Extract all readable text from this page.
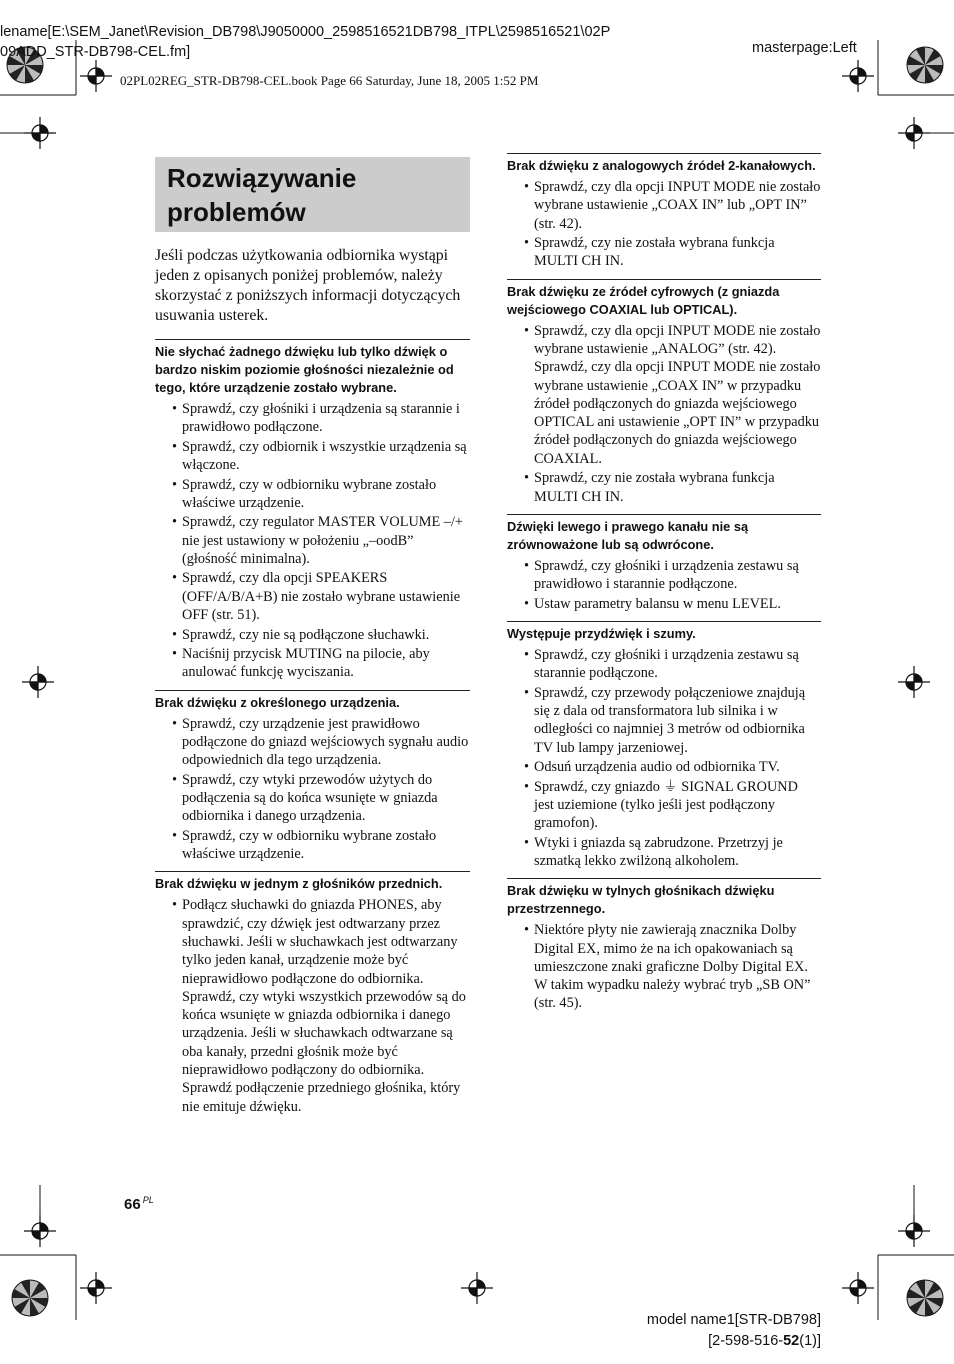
lename[E:\SEM_Janet\Revision_DB798\J9050000_2598516521DB798_ITPL\2598516521\02P
09ADD_STR-DB798-CEL.fm]	masterpage:Left
02PL02REG_STR-DB798-CEL.book Page 66 Saturday, June 18, 2005 1:52 PM
Rozwiązywanie problemów

Jeśli podczas użytkowania odbiornika wystąpi jeden z opisanych poniżej problemów, należy skorzystać z poniższych informacji dotyczących usuwania usterek.

Nie słychać żadnego dźwięku lub tylko dźwięk o bardzo niskim poziomie głośności niezależnie od tego, które urządzenie zostało wybrane.
• Sprawdź, czy głośniki i urządzenia są starannie i prawidłowo podłączone.
• Sprawdź, czy odbiornik i wszystkie urządzenia są włączone.
• Sprawdź, czy w odbiorniku wybrane zostało właściwe urządzenie.
• Sprawdź, czy regulator MASTER VOLUME –/+ nie jest ustawiony w położeniu „–oodB” (głośność minimalna).
• Sprawdź, czy dla opcji SPEAKERS (OFF/A/B/A+B) nie zostało wybrane ustawienie OFF (str. 51).
• Sprawdź, czy nie są podłączone słuchawki.
• Naciśnij przycisk MUTING na pilocie, aby anulować funkcję wyciszania.
Brak dźwięku z określonego urządzenia.
• Sprawdź, czy urządzenie jest prawidłowo podłączone do gniazd wejściowych sygnału audio odpowiednich dla tego urządzenia.
• Sprawdź, czy wtyki przewodów użytych do podłączenia są do końca wsunięte w gniazda odbiornika i danego urządzenia.
• Sprawdź, czy w odbiorniku wybrane zostało właściwe urządzenie.
Brak dźwięku w jednym z głośników przednich.
• Podłącz słuchawki do gniazda PHONES, aby sprawdzić, czy dźwięk jest odtwarzany przez słuchawki. Jeśli w słuchawkach jest odtwarzany tylko jeden kanał, urządzenie może być nieprawidłowo podłączone do odbiornika. Sprawdź, czy wtyki wszystkich przewodów są do końca wsunięte w gniazda odbiornika i danego urządzenia. Jeśli w słuchawkach odtwarzane są oba kanały, przedni głośnik może być nieprawidłowo podłączony do odbiornika. Sprawdź podłączenie przedniego głośnika, który nie emituje dźwięku.
Brak dźwięku z analogowych źródeł 2-kanałowych.
• Sprawdź, czy dla opcji INPUT MODE nie zostało wybrane ustawienie „COAX IN” lub „OPT IN” (str. 42).
• Sprawdź, czy nie została wybrana funkcja MULTI CH IN.
Brak dźwięku ze źródeł cyfrowych (z gniazda wejściowego COAXIAL lub OPTICAL).
• Sprawdź, czy dla opcji INPUT MODE nie zostało wybrane ustawienie „ANALOG” (str. 42). Sprawdź, czy dla opcji INPUT MODE nie zostało wybrane ustawienie „COAX IN” w przypadku źródeł podłączonych do gniazda wejściowego OPTICAL ani ustawienie „OPT IN” w przypadku źródeł podłączonych do gniazda wejściowego COAXIAL.
• Sprawdź, czy nie została wybrana funkcja MULTI CH IN.
Dźwięki lewego i prawego kanału nie są zrównoważone lub są odwrócone.
• Sprawdź, czy głośniki i urządzenia zestawu są prawidłowo i starannie podłączone.
• Ustaw parametry balansu w menu LEVEL.
Występuje przydźwięk i szumy.
• Sprawdź, czy głośniki i urządzenia zestawu są starannie podłączone.
• Sprawdź, czy przewody połączeniowe znajdują się z dala od transformatora lub silnika i w odległości co najmniej 3 metrów od odbiornika TV lub lampy jarzeniowej.
• Odsuń urządzenia audio od odbiornika TV.
• Sprawdź, czy gniazdo ⏚ SIGNAL GROUND jest uziemione (tylko jeśli jest podłączony gramofon).
• Wtyki i gniazda są zabrudzone. Przetrzyj je szmatką lekko zwilżoną alkoholem.
Brak dźwięku w tylnych głośnikach dźwięku przestrzennego.
• Niektóre płyty nie zawierają znacznika Dolby Digital EX, mimo że na ich opakowaniach są umieszczone znaki graficzne Dolby Digital EX. W takim wypadku należy wybrać tryb „SB ON” (str. 45).
66 $^{PL}$
model name1[STR-DB798]
[2-598-516-52(1)]
